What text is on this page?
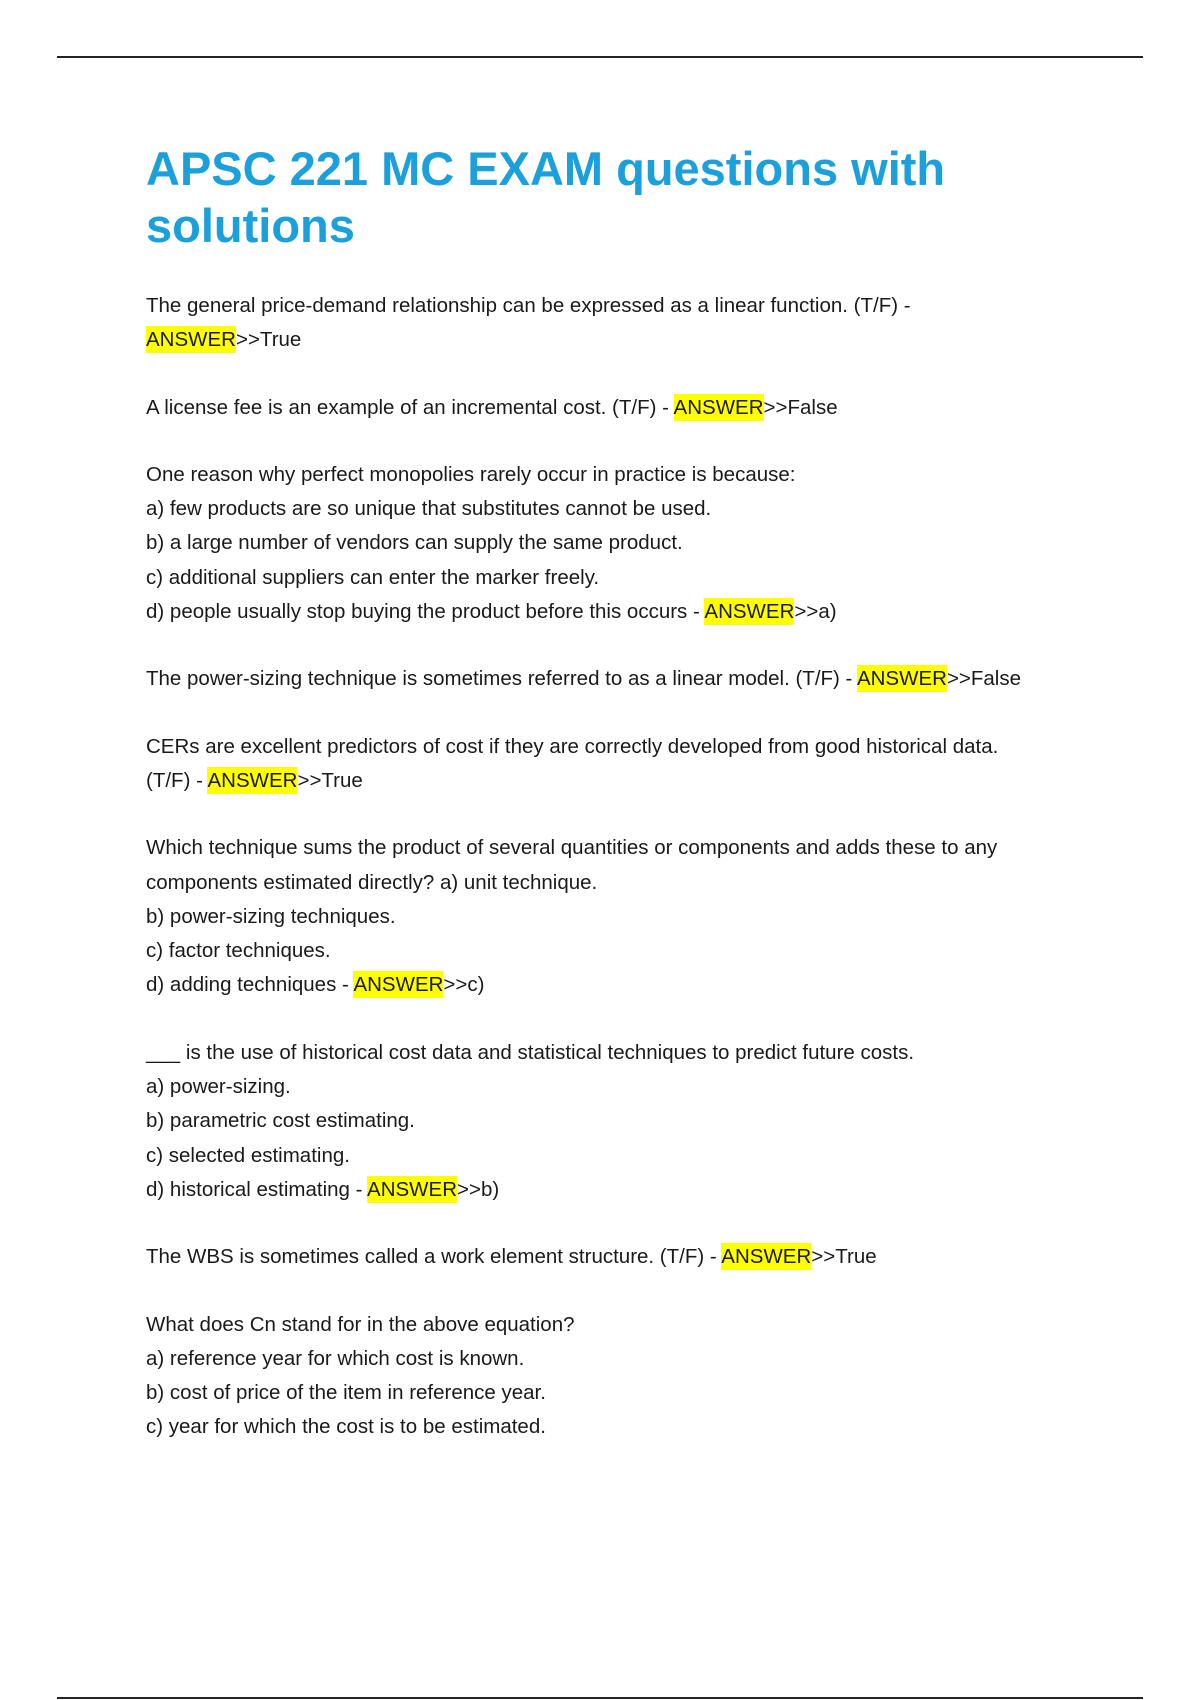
APSC 221 MC EXAM questions with solutions
The general price-demand relationship can be expressed as a linear function. (T/F) -
ANSWER>>True
A license fee is an example of an incremental cost. (T/F) - ANSWER>>False
One reason why perfect monopolies rarely occur in practice is because:
a) few products are so unique that substitutes cannot be used.
b) a large number of vendors can supply the same product.
c) additional suppliers can enter the marker freely.
d) people usually stop buying the product before this occurs - ANSWER>>a)
The power-sizing technique is sometimes referred to as a linear model. (T/F) - ANSWER>>False
CERs are excellent predictors of cost if they are correctly developed from good historical data.
(T/F) - ANSWER>>True
Which technique sums the product of several quantities or components and adds these to any
components estimated directly? a) unit technique.
b) power-sizing techniques.
c) factor techniques.
d) adding techniques - ANSWER>>c)
___ is the use of historical cost data and statistical techniques to predict future costs.
a) power-sizing.
b) parametric cost estimating.
c) selected estimating.
d) historical estimating - ANSWER>>b)
The WBS is sometimes called a work element structure. (T/F) - ANSWER>>True
What does Cn stand for in the above equation?
a) reference year for which cost is known.
b) cost of price of the item in reference year.
c) year for which the cost is to be estimated.
